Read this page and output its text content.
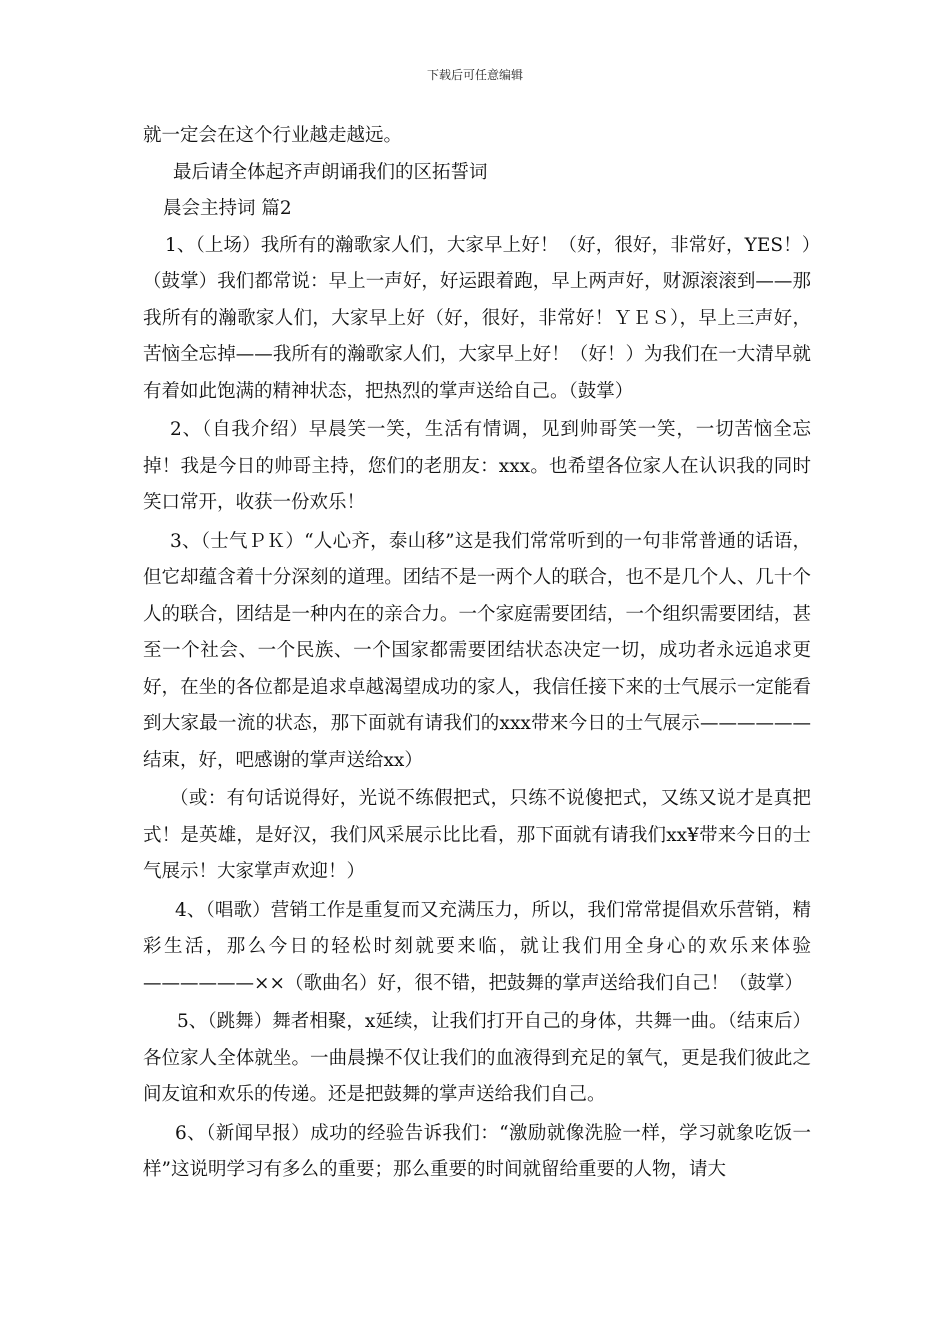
下载后可任意编辑

就一定会在这个行业越走越远。

最后请全体起齐声朗诵我们的区拓誓词

晨会主持词 篇2

1、（上场）我所有的瀚歌家人们，大家早上好！（好，很好，非常好，YES！）（鼓掌）我们都常说：早上一声好，好运跟着跑，早上两声好，财源滚滚到——那我所有的瀚歌家人们，大家早上好（好，很好，非常好！ＹＥＳ），早上三声好，苦恼全忘掉——我所有的瀚歌家人们，大家早上好！（好！）为我们在一大清早就有着如此饱满的精神状态，把热烈的掌声送给自己。（鼓掌）

2、（自我介绍）早晨笑一笑，生活有情调，见到帅哥笑一笑，一切苦恼全忘掉！我是今日的帅哥主持，您们的老朋友：xxx。也希望各位家人在认识我的同时笑口常开，收获一份欢乐！

3、（士气ＰＫ）“人心齐，泰山移”这是我们常常听到的一句非常普通的话语，但它却蕴含着十分深刻的道理。团结不是一两个人的联合，也不是几个人、几十个人的联合，团结是一种内在的亲合力。一个家庭需要团结，一个组织需要团结，甚至一个社会、一个民族、一个国家都需要团结状态决定一切，成功者永远追求更好，在坐的各位都是追求卓越渴望成功的家人，我信任接下来的士气展示一定能看到大家最一流的状态，那下面就有请我们的xxx带来今日的士气展示——————结束，好，吧感谢的掌声送给xx）

（或：有句话说得好，光说不练假把式，只练不说傻把式，又练又说才是真把式！是英雄，是好汉，我们风采展示比比看，那下面就有请我们xx¥带来今日的士气展示！大家掌声欢迎！）

4、（唱歌）营销工作是重复而又充满压力，所以，我们常常提倡欢乐营销，精彩生活，那么今日的轻松时刻就要来临，就让我们用全身心的欢乐来体验——————××（歌曲名）好，很不错，把鼓舞的掌声送给我们自己！（鼓掌）

5、（跳舞）舞者相聚，x延续，让我们打开自己的身体，共舞一曲。（结束后）各位家人全体就坐。一曲晨操不仅让我们的血液得到充足的氧气，更是我们彼此之间友谊和欢乐的传递。还是把鼓舞的掌声送给我们自己。

6、（新闻早报）成功的经验告诉我们：“激励就像洗脸一样，学习就象吃饭一样”这说明学习有多么的重要；那么重要的时间就留给重要的人物，请大
